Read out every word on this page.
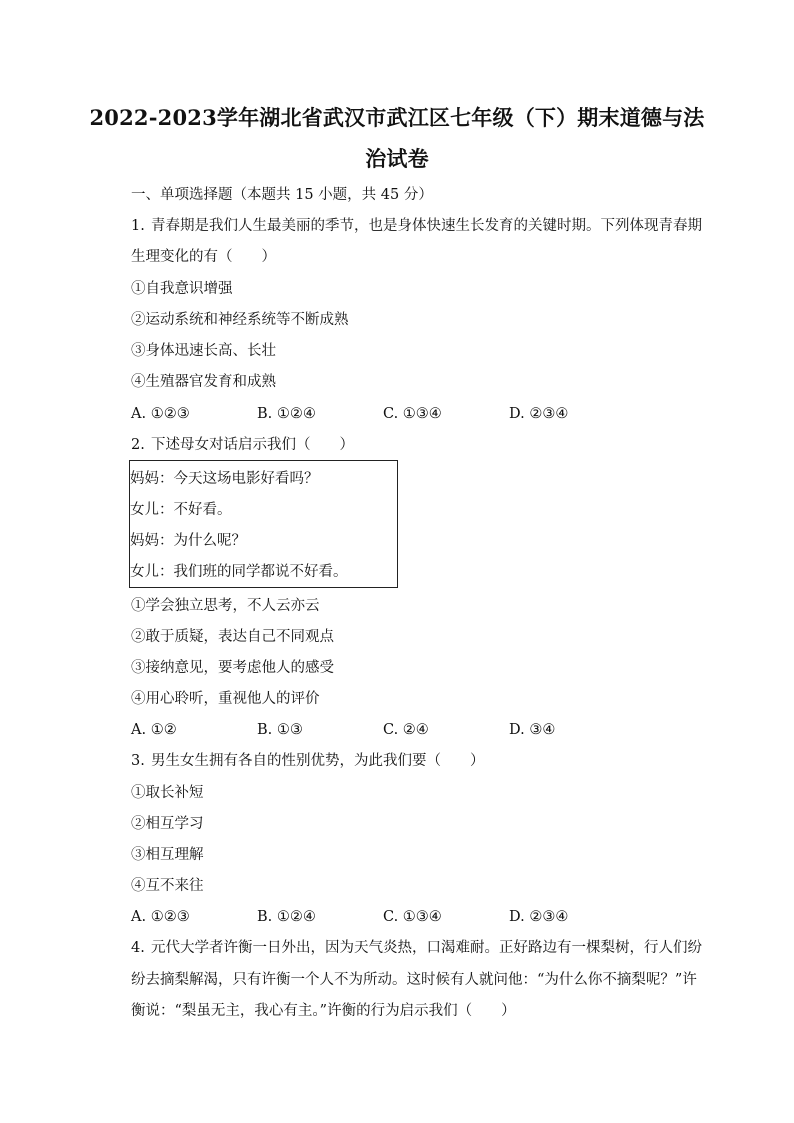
2022-2023学年湖北省武汉市武江区七年级（下）期末道德与法
治试卷
一、单项选择题（本题共 15 小题，共 45 分）
1. 青春期是我们人生最美丽的季节，也是身体快速生长发育的关键时期。下列体现青春期
生理变化的有（　　）
①自我意识增强
②运动系统和神经系统等不断成熟
③身体迅速长高、长壮
④生殖器官发育和成熟
A. ①②③	B. ①②④	C. ①③④	D. ②③④
2. 下述母女对话启示我们（　　）
妈妈：今天这场电影好看吗？
女儿：不好看。
妈妈：为什么呢？
女儿：我们班的同学都说不好看。
①学会独立思考，不人云亦云
②敢于质疑，表达自己不同观点
③接纳意见，要考虑他人的感受
④用心聆听，重视他人的评价
A. ①②	B. ①③	C. ②④	D. ③④
3. 男生女生拥有各自的性别优势，为此我们要（　　）
①取长补短
②相互学习
③相互理解
④互不来往
A. ①②③	B. ①②④	C. ①③④	D. ②③④
4. 元代大学者许衡一日外出，因为天气炎热，口渴难耐。正好路边有一棵梨树，行人们纷
纷去摘梨解渴，只有许衡一个人不为所动。这时候有人就问他：“为什么你不摘梨呢？”许
衡说：“梨虽无主，我心有主。”许衡的行为启示我们（　　）
